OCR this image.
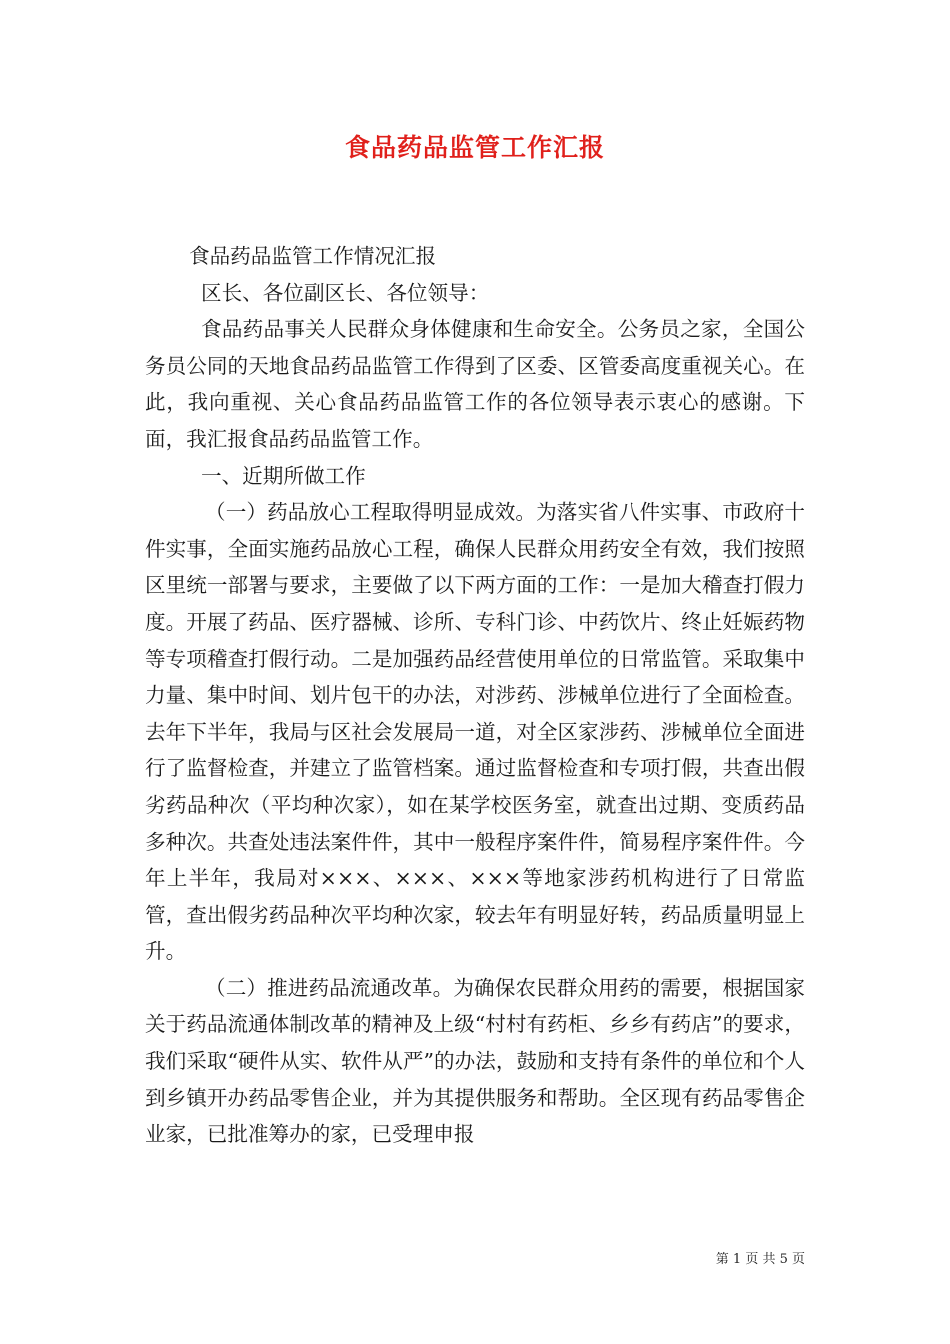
食品药品监管工作汇报

食品药品监管工作情况汇报

区长、各位副区长、各位领导：

食品药品事关人民群众身体健康和生命安全。公务员之家，全国公务员公同的天地食品药品监管工作得到了区委、区管委高度重视关心。在此，我向重视、关心食品药品监管工作的各位领导表示衷心的感谢。下面，我汇报食品药品监管工作。

一、近期所做工作

（一）药品放心工程取得明显成效。为落实省八件实事、市政府十件实事，全面实施药品放心工程，确保人民群众用药安全有效，我们按照区里统一部署与要求，主要做了以下两方面的工作：一是加大稽查打假力度。开展了药品、医疗器械、诊所、专科门诊、中药饮片、终止妊娠药物等专项稽查打假行动。二是加强药品经营使用单位的日常监管。采取集中力量、集中时间、划片包干的办法，对涉药、涉械单位进行了全面检查。去年下半年，我局与区社会发展局一道，对全区家涉药、涉械单位全面进行了监督检查，并建立了监管档案。通过监督检查和专项打假，共查出假劣药品种次（平均种次家），如在某学校医务室，就查出过期、变质药品多种次。共查处违法案件件，其中一般程序案件件，简易程序案件件。今年上半年，我局对×××、×××、×××等地家涉药机构进行了日常监管，查出假劣药品种次平均种次家，较去年有明显好转，药品质量明显上升。

（二）推进药品流通改革。为确保农民群众用药的需要，根据国家关于药品流通体制改革的精神及上级“村村有药柜、乡乡有药店”的要求，我们采取“硬件从实、软件从严”的办法，鼓励和支持有条件的单位和个人到乡镇开办药品零售企业，并为其提供服务和帮助。全区现有药品零售企业家，已批准筹办的家，已受理申报

第 1 页 共 5 页
